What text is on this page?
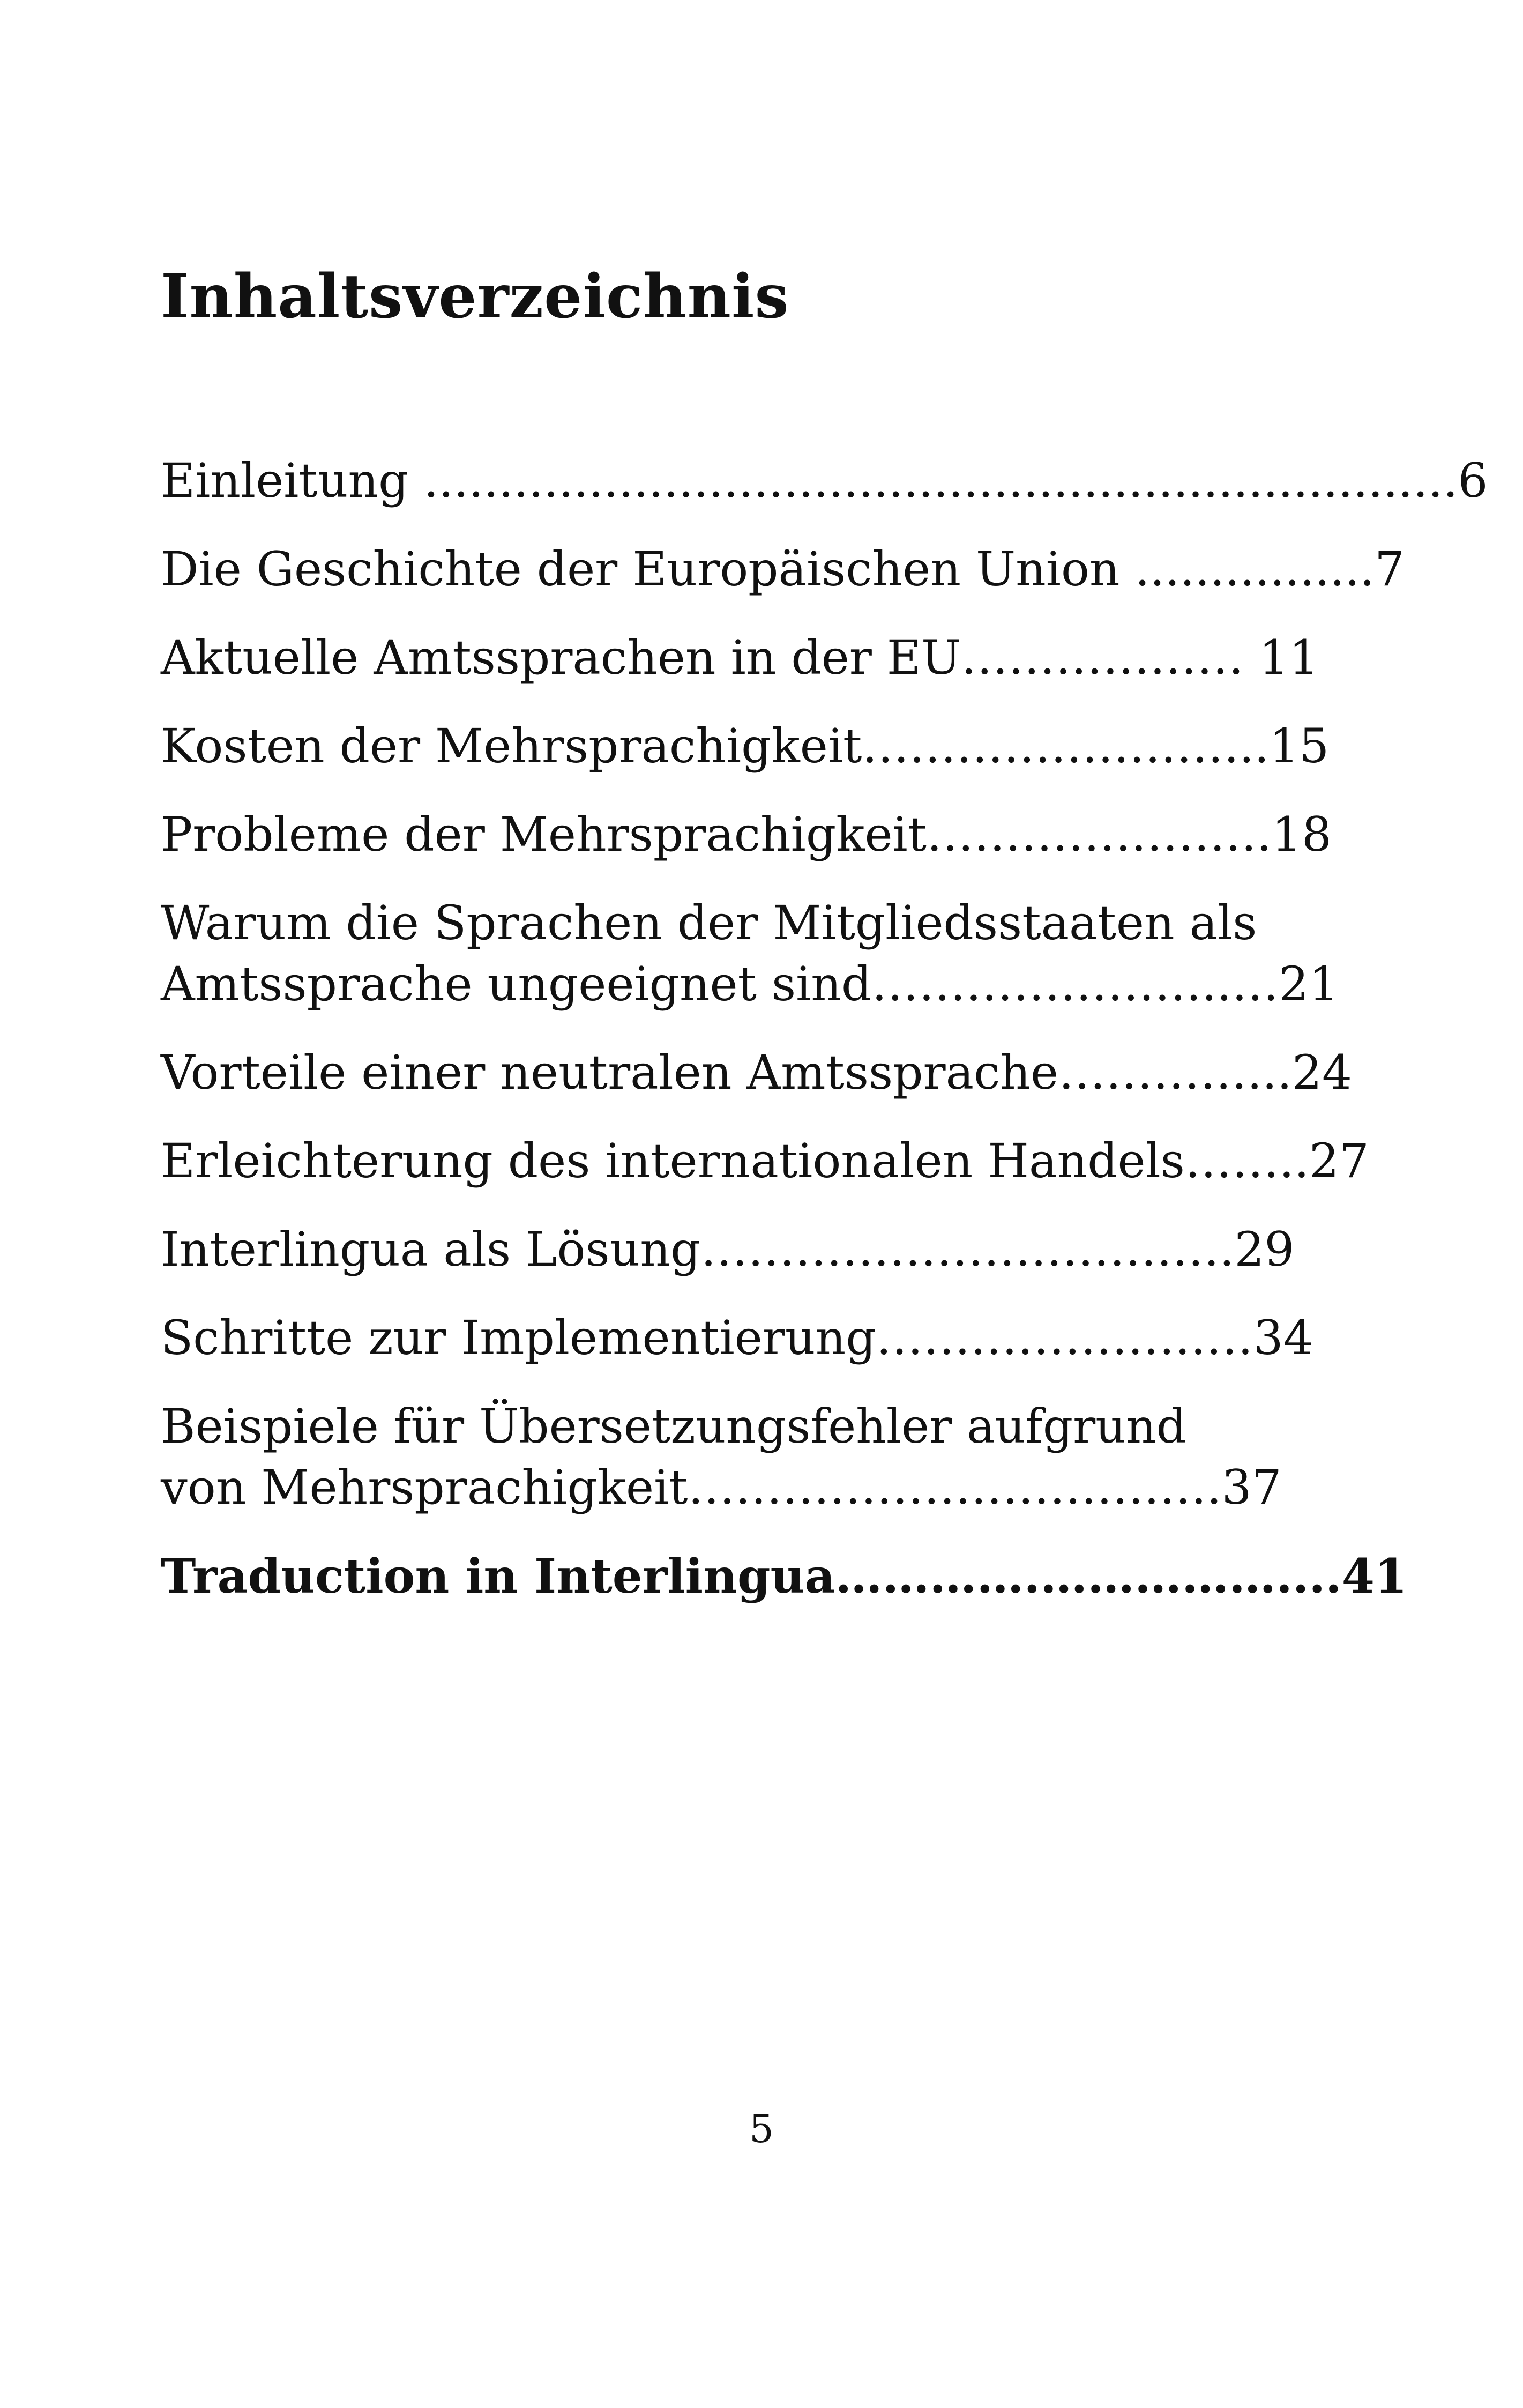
Inhaltsverzeichnis
Einleitung .....................................................................6
Die Geschichte der Europäischen Union ................7
Aktuelle Amtssprachen in der EU……………… 11
Kosten der Mehrsprachigkeit……………………..15
Probleme der Mehrsprachigkeit………………….18
Warum die Sprachen der Mitgliedsstaaten als
Amtssprache ungeeignet sind…………………..…21
Vorteile einer neutralen Amtssprache…………...24
Erleichterung des internationalen Handels……..27
Interlingua als Lösung…………………………….29
Schritte zur Implementierung……………………34
Beispiele für Übersetzungsfehler aufgrund
von Mehrsprachigkeit…………………………….37
Traduction in Interlingua………….……………....41
5
